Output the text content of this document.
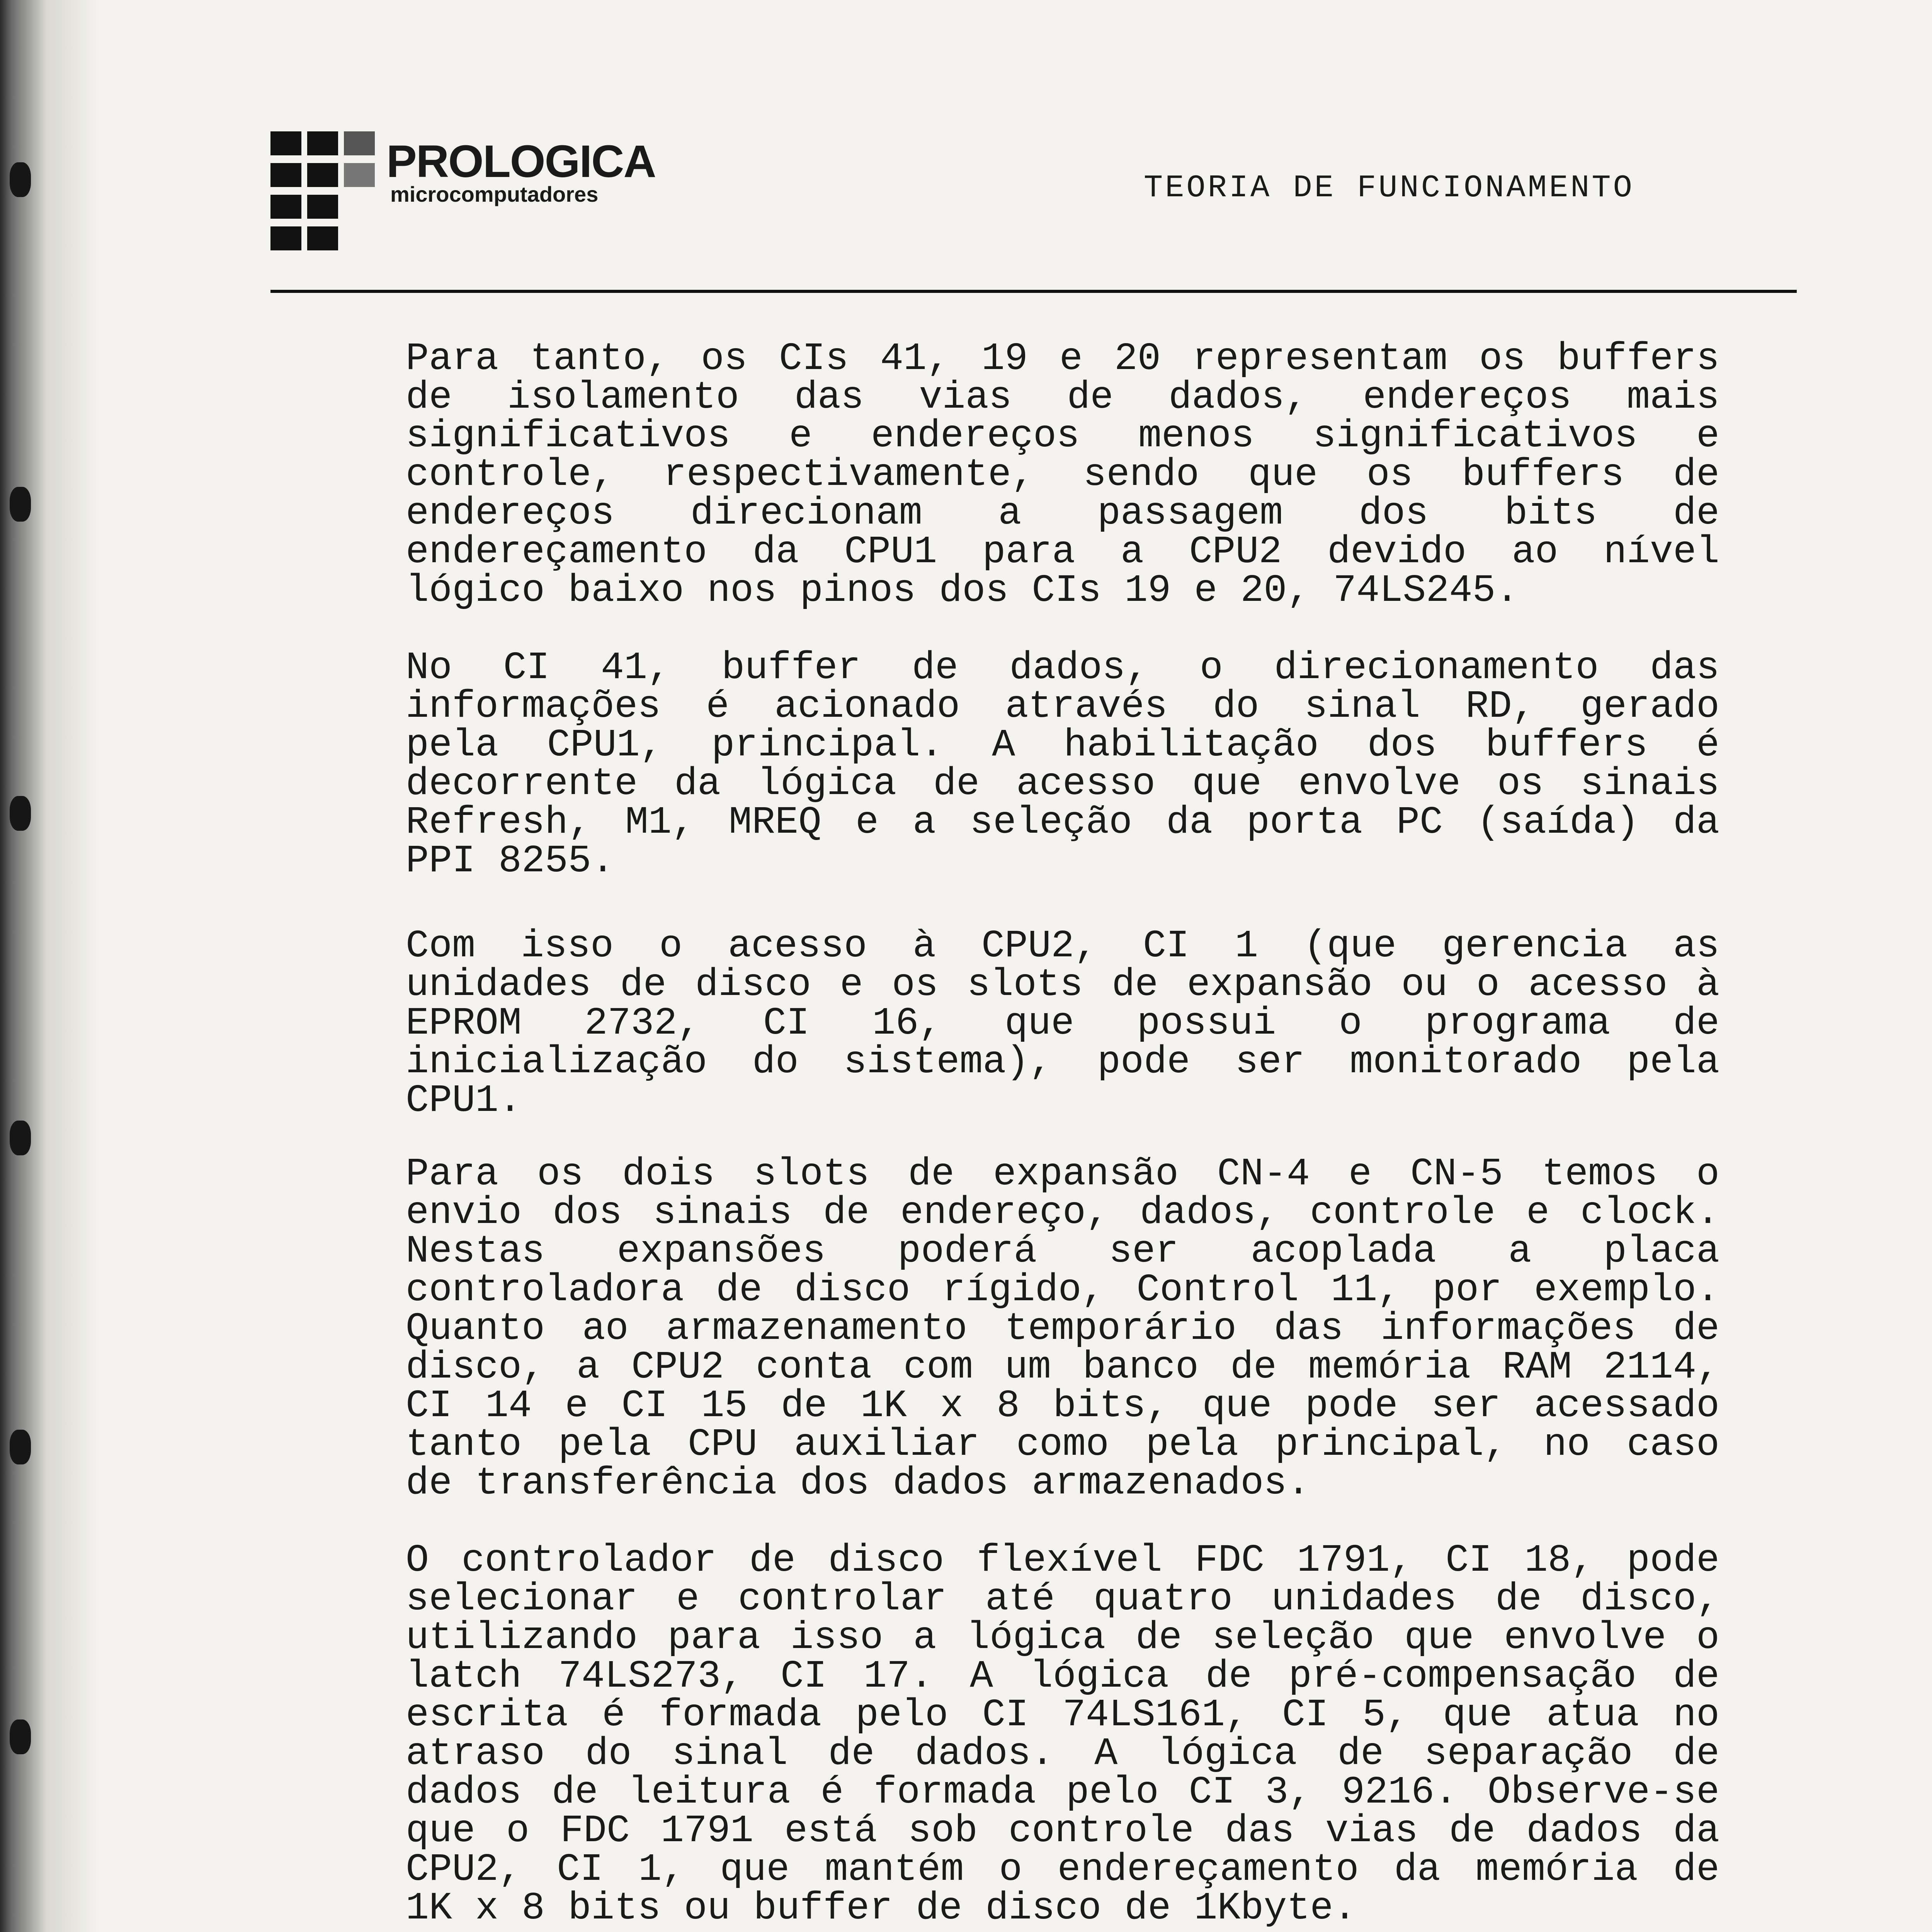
PROLOGICA
microcomputadores	TEORIA DE FUNCIONAMENTO
Para tanto, os CIs 41, 19 e 20 representam os buffers
de isolamento das vias de dados, endereços mais
significativos e endereços menos significativos e
controle, respectivamente, sendo que os buffers de
endereços direcionam a passagem dos bits de
endereçamento da CPU1 para a CPU2 devido ao nível
lógico baixo nos pinos dos CIs 19 e 20, 74LS245.
No CI 41, buffer de dados, o direcionamento das
informações é acionado através do sinal RD, gerado
pela CPU1, principal. A habilitação dos buffers é
decorrente da lógica de acesso que envolve os sinais
Refresh, M1, MREQ e a seleção da porta PC (saída) da
PPI 8255.
Com isso o acesso à CPU2, CI 1 (que gerencia as
unidades de disco e os slots de expansão ou o acesso à
EPROM 2732, CI 16, que possui o programa de
inicialização do sistema), pode ser monitorado pela
CPU1.
Para os dois slots de expansão CN-4 e CN-5 temos o
envio dos sinais de endereço, dados, controle e clock.
Nestas expansões poderá ser acoplada a placa
controladora de disco rígido, Control 11, por exemplo.
Quanto ao armazenamento temporário das informações de
disco, a CPU2 conta com um banco de memória RAM 2114,
CI 14 e CI 15 de 1K x 8 bits, que pode ser acessado
tanto pela CPU auxiliar como pela principal, no caso
de transferência dos dados armazenados.
O controlador de disco flexível FDC 1791, CI 18, pode
selecionar e controlar até quatro unidades de disco,
utilizando para isso a lógica de seleção que envolve o
latch 74LS273, CI 17. A lógica de pré-compensação de
escrita é formada pelo CI 74LS161, CI 5, que atua no
atraso do sinal de dados. A lógica de separação de
dados de leitura é formada pelo CI 3, 9216. Observe-se
que o FDC 1791 está sob controle das vias de dados da
CPU2, CI 1, que mantém o endereçamento da memória de
1K x 8 bits ou buffer de disco de 1Kbyte.
